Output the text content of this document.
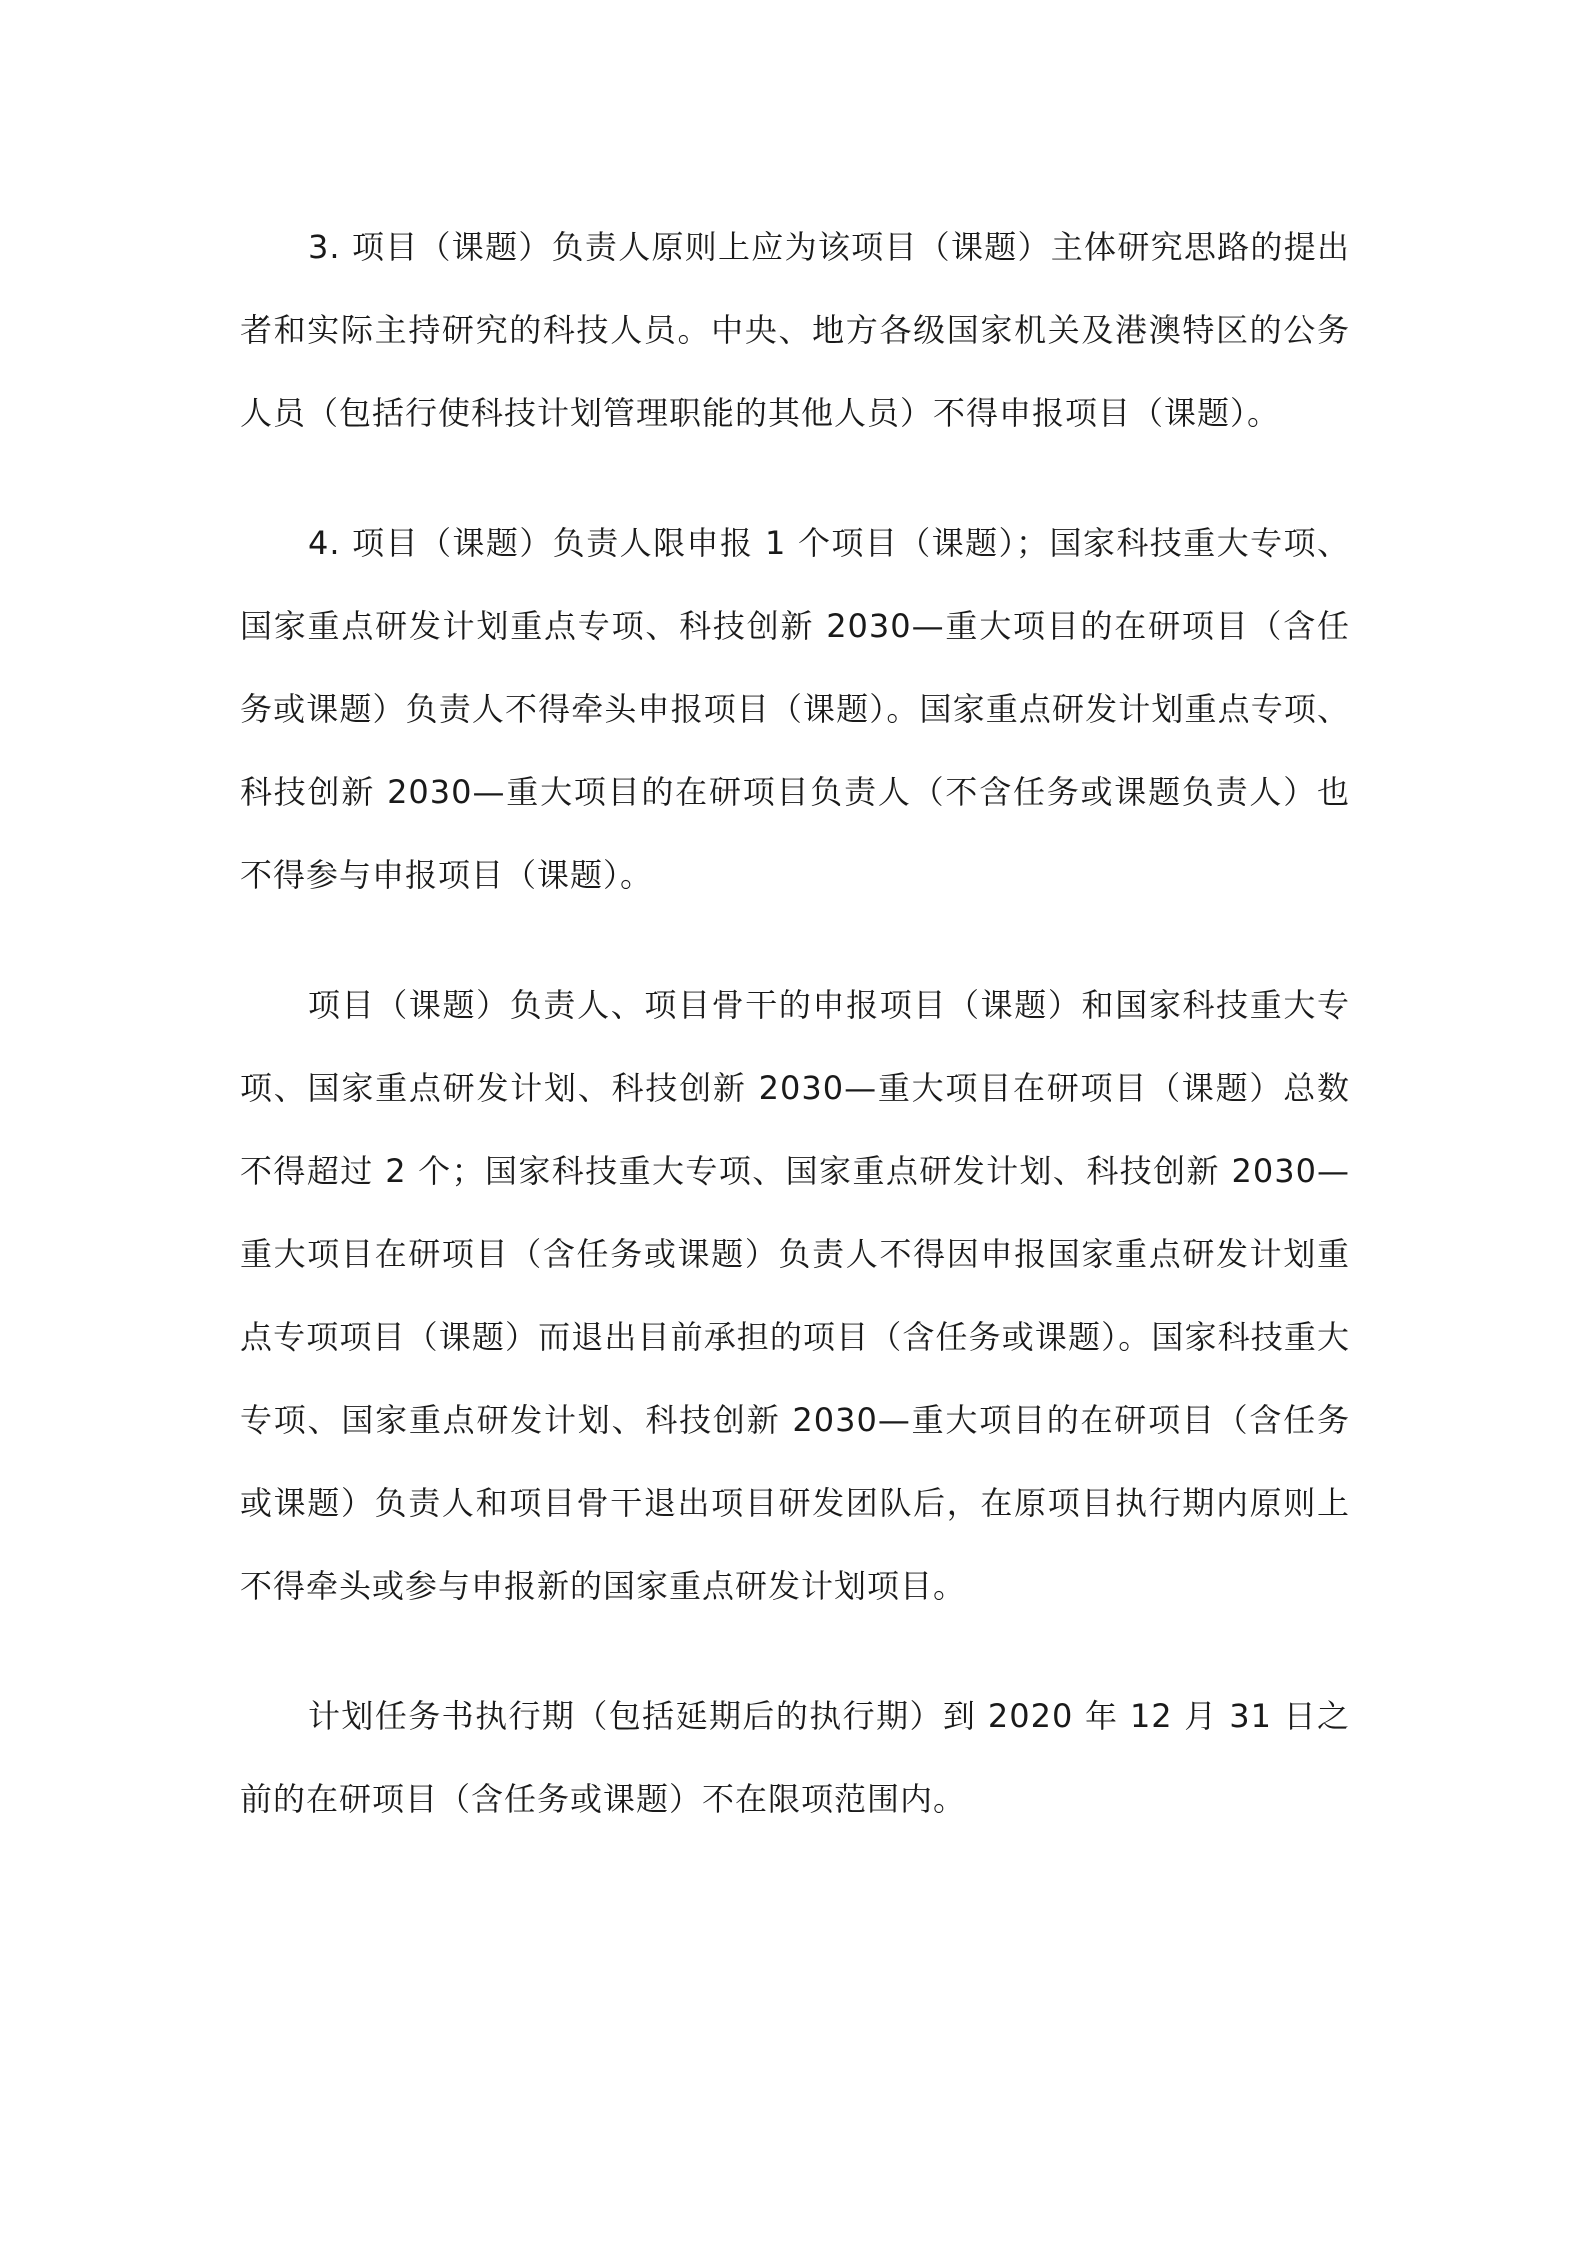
3. 项目（课题）负责人原则上应为该项目（课题）主体研究思路的提出者和实际主持研究的科技人员。中央、地方各级国家机关及港澳特区的公务人员（包括行使科技计划管理职能的其他人员）不得申报项目（课题）。

4. 项目（课题）负责人限申报 1 个项目（课题）；国家科技重大专项、国家重点研发计划重点专项、科技创新 2030—重大项目的在研项目（含任务或课题）负责人不得牵头申报项目（课题）。国家重点研发计划重点专项、科技创新 2030—重大项目的在研项目负责人（不含任务或课题负责人）也不得参与申报项目（课题）。

项目（课题）负责人、项目骨干的申报项目（课题）和国家科技重大专项、国家重点研发计划、科技创新 2030—重大项目在研项目（课题）总数不得超过 2 个；国家科技重大专项、国家重点研发计划、科技创新 2030—重大项目在研项目（含任务或课题）负责人不得因申报国家重点研发计划重点专项项目（课题）而退出目前承担的项目（含任务或课题）。国家科技重大专项、国家重点研发计划、科技创新 2030—重大项目的在研项目（含任务或课题）负责人和项目骨干退出项目研发团队后，在原项目执行期内原则上不得牵头或参与申报新的国家重点研发计划项目。

计划任务书执行期（包括延期后的执行期）到 2020 年 12 月 31 日之前的在研项目（含任务或课题）不在限项范围内。
